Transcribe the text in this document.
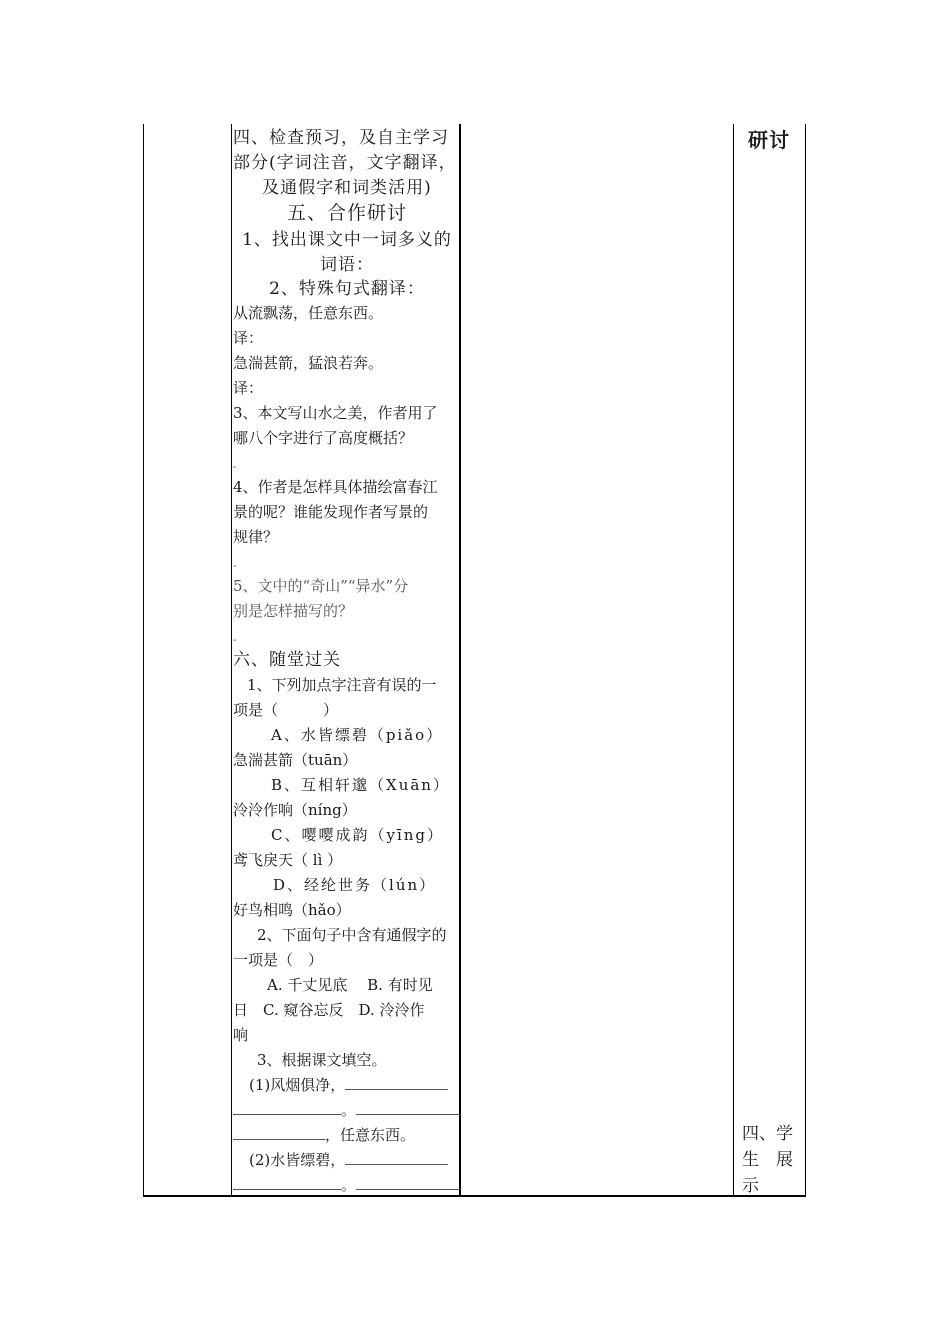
研讨
四、学
生　展
示
四、检查预习，及自主学习
部分(字词注音，文字翻译，
及通假字和词类活用)
五、合作研讨
1、找出课文中一词多义的
词语：
2、特殊句式翻译：
从流飘荡，任意东西。
译：
急湍甚箭，猛浪若奔。
译：
3、本文写山水之美，作者用了
哪八个字进行了高度概括？
-
4、作者是怎样具体描绘富春江
景的呢？谁能发现作者写景的
规律？
-
5、文中的“奇山”“异水”分
别是怎样描写的？
-
六、随堂过关
1、下列加点字注音有误的一
项是（　　　）
A、水皆缥碧（piǎo）
急湍甚箭（tuān）
B、互相轩邈（Xuān）
泠泠作响（níng）
C、嘤嘤成韵（yīng）
鸢飞戾天（ lì ）
D、经纶世务（lún）
好鸟相鸣（hǎo）
2、下面句子中含有通假字的
一项是（　）
A. 千丈见底　 B. 有时见
日　C. 窥谷忘反　D. 泠泠作
响
3、根据课文填空。
(1)风烟俱净，
。
，任意东西。
(2)水皆缥碧，
。
